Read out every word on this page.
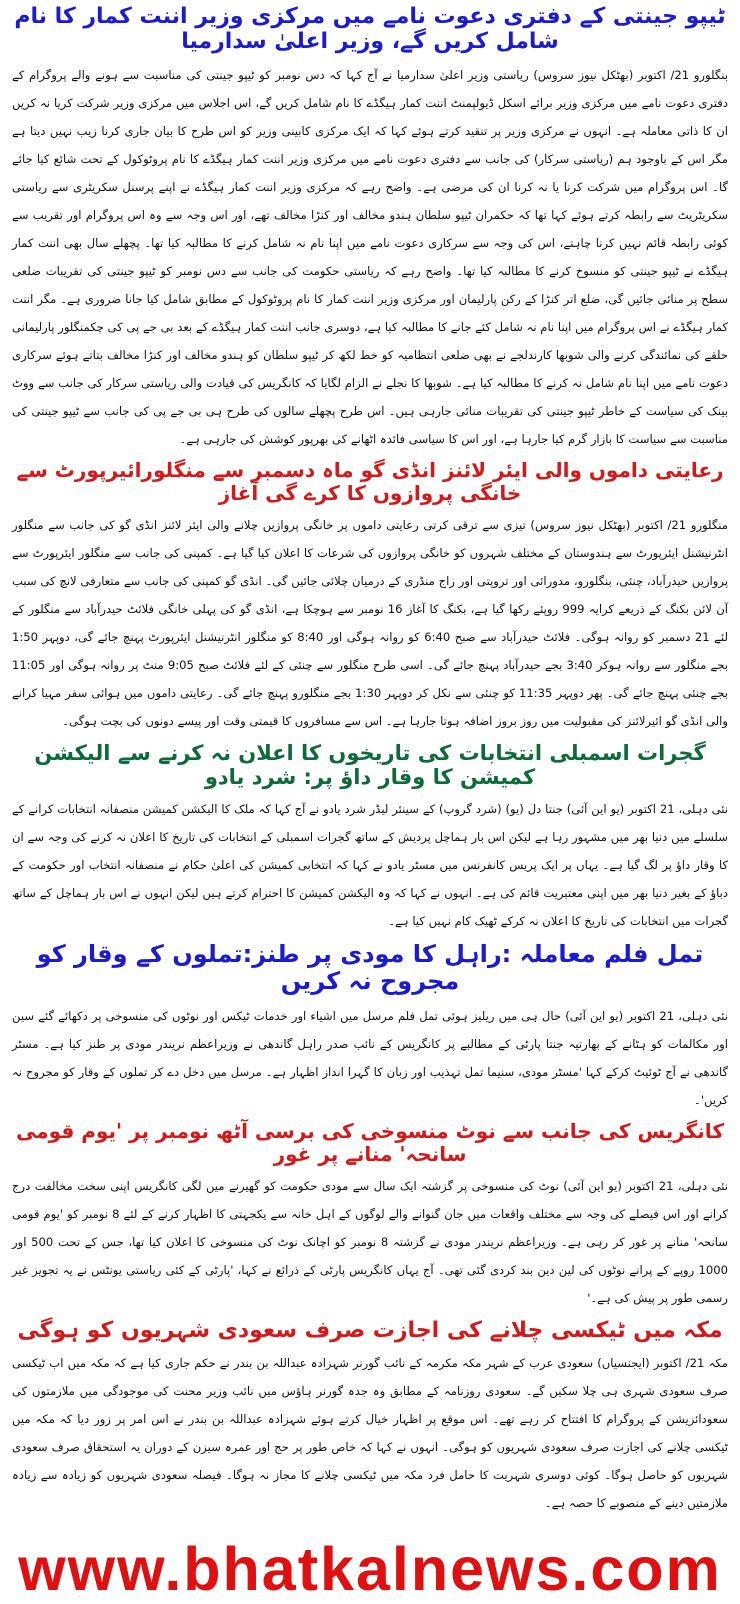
ٹیپو جینتی کے دفتری دعوت نامے میں مرکزی وزیر اننت کمار کا نام شامل کریں گے، وزیر اعلیٰ سدارمیا

بنگلورو 21/ اکتوبر (بھٹکل نیوز سروس) ریاستی وزیر اعلیٰ سدارمیا نے آج کہا کہ دس نومبر کو ٹیپو جینتی کی مناسبت سے ہونے والے پروگرام کے دفتری دعوت نامے میں مرکزی وزیر برائے اسکل ڈیولپمنٹ اننت کمار ہیگڈے کا نام شامل کریں گے، اس اجلاس میں مرکزی وزیر شرکت کریا نہ کریں ان کا ذاتی معاملہ ہے۔ انہوں نے مرکزی وزیر پر تنقید کرتے ہوئے کہا کہ ایک مرکزی کابینی وزیر کو اس طرح کا بیان جاری کرنا زیب نہیں دیتا ہے مگر اس کے باوجود ہم (ریاستی سرکار) کی جانب سے دفتری دعوت نامے میں مرکزی وزیر اننت کمار ہیگڈے کا نام پروٹوکول کے تحت شائع کیا جائے گا۔ اس پروگرام میں شرکت کرنا یا نہ کرنا ان کی مرضی ہے۔ واضح رہے کہ مرکزی وزیر اننت کمار ہیگڈے نے اپنے پرسنل سکریٹری سے ریاستی سکریٹریٹ سے رابطہ کرتے ہوئے کہا تھا کہ حکمران ٹیپو سلطان ہندو مخالف اور کنڑا مخالف تھے، اور اس وجہ سے وہ اس پروگرام اور تقریب سے کوئی رابطہ قائم نہیں کرنا چاہتے، اس کی وجہ سے سرکاری دعوت نامے میں اپنا نام نہ شامل کرنے کا مطالبہ کیا تھا۔ پچھلے سال بھی اننت کمار ہیگڈے نے ٹیپو جینتی کو منسوخ کرنے کا مطالبہ کیا تھا۔ واضح رہے کہ ریاستی حکومت کی جانب سے دس نومبر کو ٹیپو جینتی کی تقریبات ضلعی سطح پر منائی جائیں گی، ضلع اتر کنڑا کے رکن پارلیمان اور مرکزی وزیر اننت کمار کا نام پروٹوکول کے مطابق شامل کیا جانا ضروری ہے۔ مگر اننت کمار ہیگڈے نے اس پروگرام میں اپنا نام نہ شامل کئے جانے کا مطالبہ کیا ہے، دوسری جانب اننت کمار ہیگڈے کے بعد بی جے پی کی چکمنگلور پارلیمانی حلقے کی نمائندگی کرنے والی شوبھا کارندلجے نے بھی ضلعی انتظامیہ کو خط لکھ کر ٹیپو سلطان کو ہندو مخالف اور کنڑا مخالف بتاتے ہوئے سرکاری دعوت نامے میں اپنا نام شامل نہ کرنے کا مطالبہ کیا ہے۔ شوبھا کا نجلے نے الزام لگایا کہ کانگریس کی قیادت والی ریاستی سرکار کی جانب سے ووٹ بینک کی سیاست کے خاطر ٹیپو جینتی کی تقریبات منائی جارہی ہیں۔ اس طرح پچھلے سالوں کی طرح ہی بی جے پی کی جانب سے ٹیپو جینتی کی مناسبت سے سیاست کا بازار گرم کیا جارہا ہے، اور اس کا سیاسی فائدہ اٹھانے کی بھرپور کوشش کی جارہی ہے۔

رعایتی داموں والی ایئر لائنز انڈی گو ماہ دسمبر سے منگلورائیرپورٹ سے خانگی پروازوں کا کرے گی آغاز

منگلورو 21/ اکتوبر (بھٹکل نیوز سروس) تیزی سے ترقی کرتی رعایتی داموں پر خانگی پروازیں چلانے والی ایئر لائنز انڈی گو کی جانب سے منگلور انٹرنیشنل ایئرپورٹ سے ہندوستان کے مختلف شہروں کو خانگی پروازوں کی شرعات کا اعلان کیا گیا ہے۔ کمپنی کی جانب سے منگلور ایئرپورٹ سے پروازیں حیدرآباد، چنئی، بنگلورو، مدورائی اور تروپتی اور راج منڈری کے درمیان چلائی جائیں گی۔ انڈی گو کمپنی کی جانب سے متعارفی لانچ کی سبب آن لائن بکنگ کے ذریعے کرایہ 999 روپئے رکھا گیا ہے، بکنگ کا آغاز 16 نومبر سے ہوچکا ہے، انڈی گو کی پہلی خانگی فلائٹ حیدرآباد سے منگلور کے لئے 21 دسمبر کو روانہ ہوگی۔ فلائٹ حیدرآباد سے صبح 6:40 کو روانہ ہوگی اور 8:40 کو منگلور انٹرنیشنل ایئرپورٹ پہنچ جائے گی، دوپہر 1:50 بجے منگلور سے روانہ ہوکر 3:40 بجے حیدرآباد پہنچ جائے گی۔ اسی طرح منگلور سے چنئی کے لئے فلائٹ صبح 9:05 منٹ پر روانہ ہوگی اور 11:05 بجے چنئی پہنچ جائے گی۔ پھر دوپہر 11:35 کو چنئی سے نکل کر دوپہر 1:30 بجے منگلورو پہنچ جائے گی۔ رعایتی داموں میں ہوائی سفر مہیا کرانے والی انڈی گو ائیرلائنز کی مقبولیت میں روز بروز اضافہ ہوتا جارہا ہے۔ اس سے مسافروں کا قیمتی وقت اور پیسے دونوں کی بچت ہوگی۔

گجرات اسمبلی انتخابات کی تاریخوں کا اعلان نہ کرنے سے الیکشن کمیشن کا وقار داؤ پر: شرد یادو

نئی دہلی، 21 اکتوبر (یو این آئی) جنتا دل (یو) (شرد گروپ) کے سینئر لیڈر شرد یادو نے آج کہا کہ ملک کا الیکشن کمیشن منصفانہ انتخابات کرانے کے سلسلے میں دنیا بھر میں مشہور رہا ہے لیکن اس بار ہماچل پردیش کے ساتھ گجرات اسمبلی کے انتخابات کی تاریخ کا اعلان نہ کرنے کی وجہ سے ان کا وقار داؤ پر لگ گیا ہے۔ یہاں پر ایک پریس کانفرنس میں مسٹر یادو نے کہا کہ انتخابی کمیشن کی اعلیٰ حکام نے منصفانہ انتخاب اور حکومت کے دباؤ کے بغیر دنیا بھر میں اپنی معتبریت قائم کی ہے۔ انہوں نے کہا کہ وہ الیکشن کمیشن کا احترام کرتے ہیں لیکن انہوں نے اس بار ہماچل کے ساتھ گجرات میں انتخابات کی تاریخ کا اعلان نہ کرکے ٹھیک کام نہیں کیا ہے۔

تمل فلم معاملہ :راہل کا مودی پر طنز:تملوں کے وقار کو مجروح نہ کریں

نئی دہلی، 21 اکتوبر (یو این آئی) حال ہی میں ریلیز ہوئی تمل فلم مرسل میں اشیاء اور خدمات ٹیکس اور نوٹوں کی منسوخی پر دکھائے گئے سین اور مکالمات کو ہٹانے کے بھارتیہ جنتا پارٹی کے مطالبے پر کانگریس کے نائب صدر راہل گاندھی نے وزیراعظم نریندر مودی پر طنز کیا ہے۔ مسٹر گاندھی نے آج ٹوئیٹ کرکے کہا 'مسٹر مودی، سنیما تمل تہذیب اور زبان کا گہرا انداز اظہار ہے۔ مرسل میں دخل دے کر تملوں کے وقار کو مجروح نہ کریں'۔

کانگریس کی جانب سے نوٹ منسوخی کی برسی آٹھ نومبر پر 'یوم قومی سانحہ' منانے پر غور

نئی دہلی، 21 اکتوبر (یو این آئی) نوٹ کی منسوخی پر گزشتہ ایک سال سے مودی حکومت کو گھیرنے میں لگی کانگریس اپنی سخت مخالفت درج کرانے اور اس فیصلے کی وجہ سے مختلف واقعات میں جان گنوانے والے لوگوں کے اہل خانہ سے یکجہتی کا اظہار کرنے کے لئے 8 نومبر کو 'یوم قومی سانحہ' منانے پر غور کر رہی ہے۔ وزیراعظم نریندر مودی نے گزشتہ 8 نومبر کو اچانک نوٹ کی منسوخی کا اعلان کیا تھا، جس کے تحت 500 اور 1000 روپے کے پرانے نوٹوں کی لین دین بند کردی گئی تھی۔ آج یہاں کانگریس پارٹی کے ذرائع نے کہا، 'پارٹی کے کئی ریاستی یونٹس نے یہ تجویز غیر رسمی طور پر پیش کی ہے۔'

مکہ میں ٹیکسی چلانے کی اجازت صرف سعودی شہریوں کو ہوگی

مکہ 21/ اکتوبر (ایجنسیاں) سعودی عرب کے شہر مکہ مکرمہ کے نائب گورنر شہزادہ عبداللہ بن بندر نے حکم جاری کیا ہے کہ مکہ میں اب ٹیکسی صرف سعودی شہری ہی چلا سکیں گے۔ سعودی روزنامہ کے مطابق وہ جدہ گورنر ہاؤس میں نائب وزیر محنت کی موجودگی میں ملازمتوں کی سعودائزیشن کے پروگرام کا افتتاح کر رہے تھے۔ اس موقع پر اظہار خیال کرتے ہوئے شہزادہ عبداللہ بن بندر نے اس امر پر زور دیا کہ مکہ میں ٹیکسی چلانے کی اجازت صرف سعودی شہریوں کو ہوگی۔ انہوں نے کہا کہ خاص طور پر حج اور عمرہ سیزن کے دوران یہ استحقاق صرف سعودی شہریوں کو حاصل ہوگا۔ کوئی دوسری شہریت کا حامل فرد مکہ میں ٹیکسی چلانے کا مجاز نہ ہوگا۔ فیصلہ سعودی شہریوں کو زیادہ سے زیادہ ملازمتیں دینے کے منصوبے کا حصہ ہے۔

www.bhatkalnews.com
